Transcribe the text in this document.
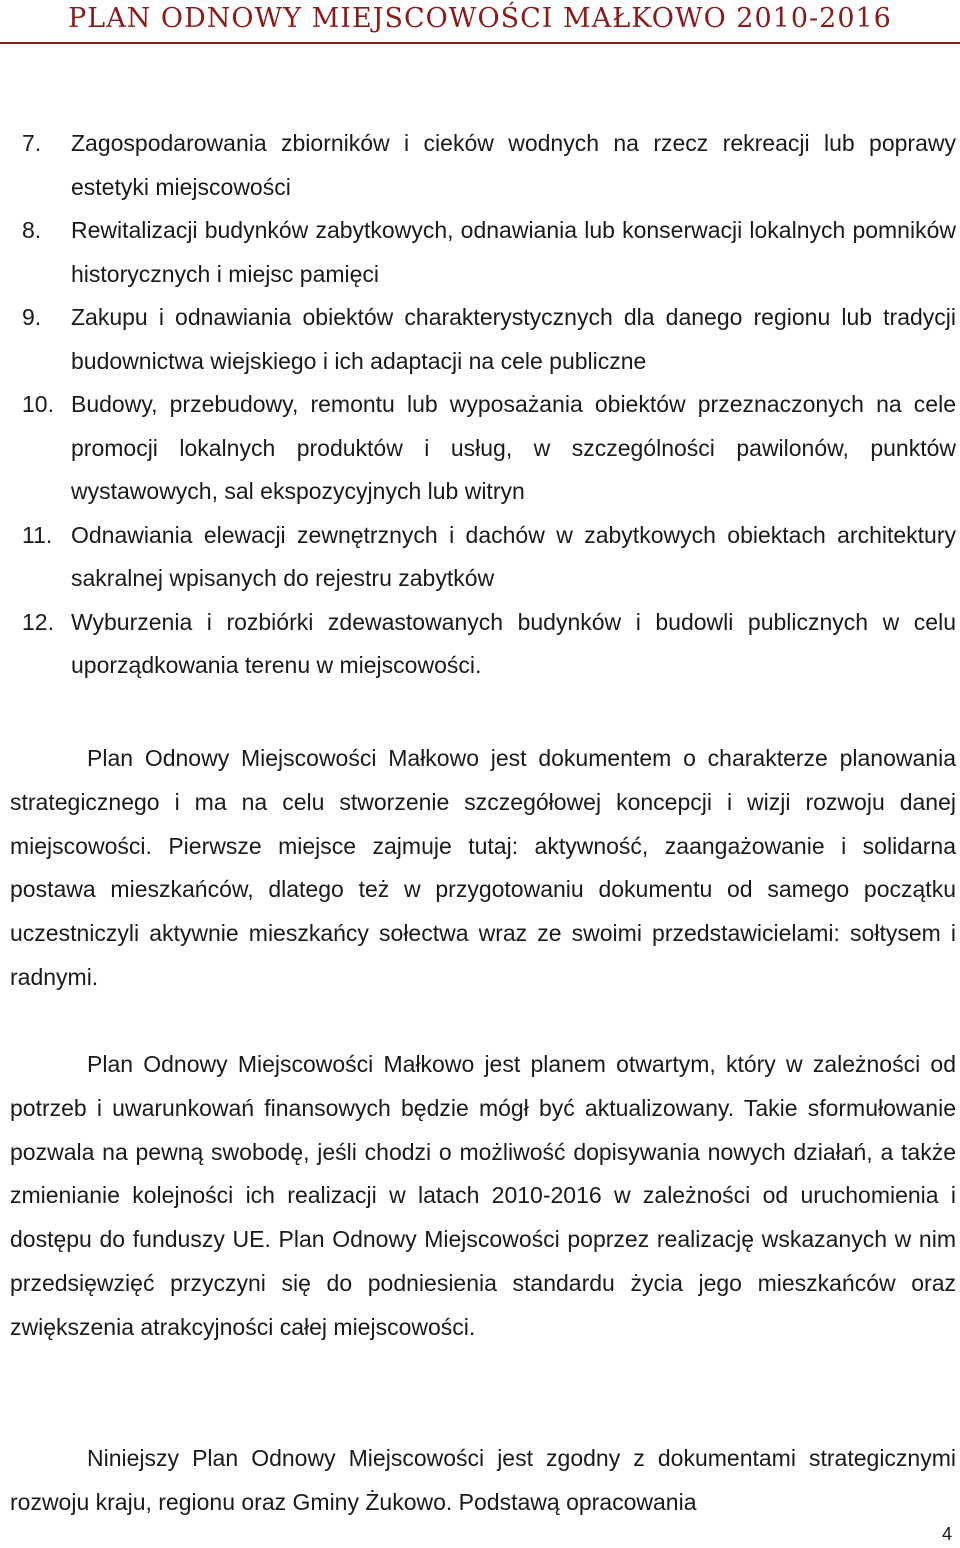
PLAN ODNOWY MIEJSCOWOŚCI MAŁKOWO 2010-2016
7.	Zagospodarowania zbiorników i cieków wodnych na rzecz rekreacji lub poprawy estetyki miejscowości
8.	Rewitalizacji budynków zabytkowych, odnawiania lub konserwacji lokalnych pomników historycznych i miejsc pamięci
9.	Zakupu i odnawiania obiektów charakterystycznych dla danego regionu lub tradycji budownictwa wiejskiego i ich adaptacji na cele publiczne
10. Budowy, przebudowy, remontu lub wyposażania obiektów przeznaczonych na cele promocji lokalnych produktów i usług, w szczególności pawilonów, punktów wystawowych, sal ekspozycyjnych lub witryn
11. Odnawiania elewacji zewnętrznych i dachów w zabytkowych obiektach architektury sakralnej wpisanych do rejestru zabytków
12. Wyburzenia i rozbiórki zdewastowanych budynków i budowli publicznych w celu uporządkowania terenu w miejscowości.

Plan Odnowy Miejscowości Małkowo jest dokumentem o charakterze planowania strategicznego i ma na celu stworzenie szczegółowej koncepcji i wizji rozwoju danej miejscowości. Pierwsze miejsce zajmuje tutaj: aktywność, zaangażowanie i solidarna postawa mieszkańców, dlatego też w przygotowaniu dokumentu od samego początku uczestniczyli aktywnie mieszkańcy sołectwa wraz ze swoimi przedstawicielami: sołtysem i radnymi.

Plan Odnowy Miejscowości Małkowo jest planem otwartym, który w zależności od potrzeb i uwarunkowań finansowych będzie mógł być aktualizowany. Takie sformułowanie pozwala na pewną swobodę, jeśli chodzi o możliwość dopisywania nowych działań, a także zmienianie kolejności ich realizacji w latach 2010-2016 w zależności od uruchomienia i dostępu do funduszy UE. Plan Odnowy Miejscowości poprzez realizację wskazanych w nim przedsięwzięć przyczyni się do podniesienia standardu życia jego mieszkańców oraz zwiększenia atrakcyjności całej miejscowości.

Niniejszy Plan Odnowy Miejscowości jest zgodny z dokumentami strategicznymi rozwoju kraju, regionu oraz Gminy Żukowo. Podstawą opracowania

4
